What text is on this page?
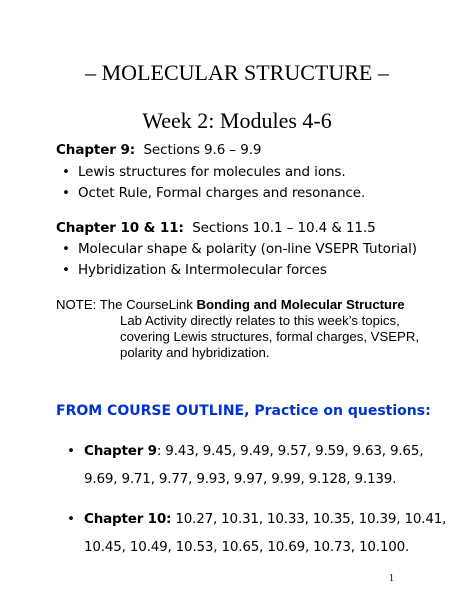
– MOLECULAR STRUCTURE –
Week 2: Modules 4-6
Chapter 9: Sections 9.6 – 9.9
• Lewis structures for molecules and ions.
• Octet Rule, Formal charges and resonance.
Chapter 10 & 11: Sections 10.1 – 10.4 & 11.5
• Molecular shape & polarity (on-line VSEPR Tutorial)
• Hybridization & Intermolecular forces
NOTE: The CourseLink Bonding and Molecular Structure
Lab Activity directly relates to this week’s topics,
covering Lewis structures, formal charges, VSEPR,
polarity and hybridization.
FROM COURSE OUTLINE, Practice on questions:
• Chapter 9: 9.43, 9.45, 9.49, 9.57, 9.59, 9.63, 9.65,
9.69, 9.71, 9.77, 9.93, 9.97, 9.99, 9.128, 9.139.
• Chapter 10: 10.27, 10.31, 10.33, 10.35, 10.39, 10.41,
10.45, 10.49, 10.53, 10.65, 10.69, 10.73, 10.100.
1
